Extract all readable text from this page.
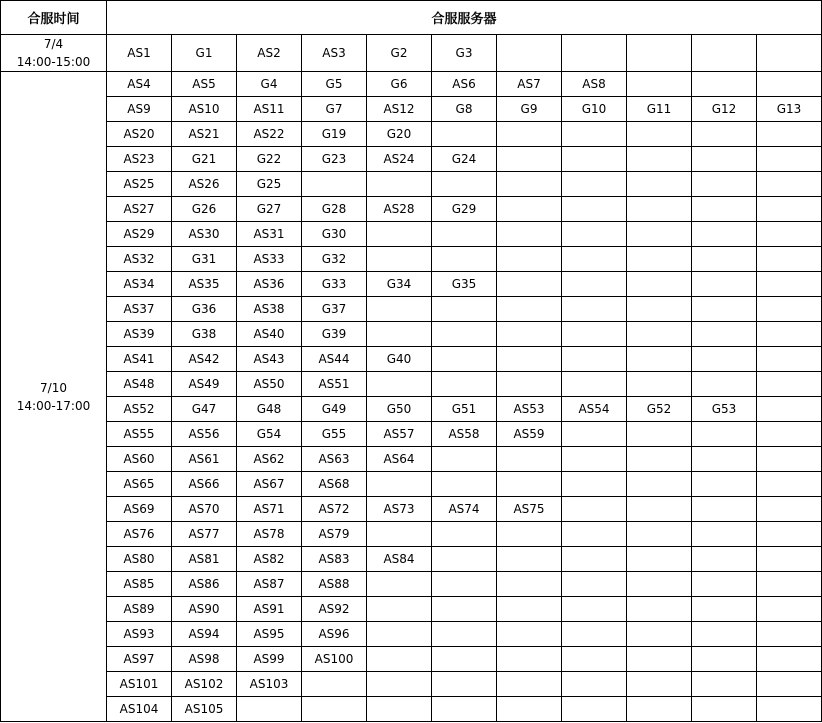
合服时间	合服服务器										

7/4
14:00-15:00	AS1	G1	AS2	AS3	G2	G3					

7/10
14:00-17:00	AS4	AS5	G4	G5	G6	AS6	AS7	AS8			
	AS9	AS10	AS11	G7	AS12	G8	G9	G10	G11	G12	G13
	AS20	AS21	AS22	G19	G20						
	AS23	G21	G22	G23	AS24	G24					
	AS25	AS26	G25								
	AS27	G26	G27	G28	AS28	G29					
	AS29	AS30	AS31	G30							
	AS32	G31	AS33	G32							
	AS34	AS35	AS36	G33	G34	G35					
	AS37	G36	AS38	G37							
	AS39	G38	AS40	G39							
	AS41	AS42	AS43	AS44	G40						
	AS48	AS49	AS50	AS51							
	AS52	G47	G48	G49	G50	G51	AS53	AS54	G52	G53	
	AS55	AS56	G54	G55	AS57	AS58	AS59				
	AS60	AS61	AS62	AS63	AS64						
	AS65	AS66	AS67	AS68							
	AS69	AS70	AS71	AS72	AS73	AS74	AS75				
	AS76	AS77	AS78	AS79							
	AS80	AS81	AS82	AS83	AS84						
	AS85	AS86	AS87	AS88							
	AS89	AS90	AS91	AS92							
	AS93	AS94	AS95	AS96							
	AS97	AS98	AS99	AS100							
	AS101	AS102	AS103								
	AS104	AS105									
